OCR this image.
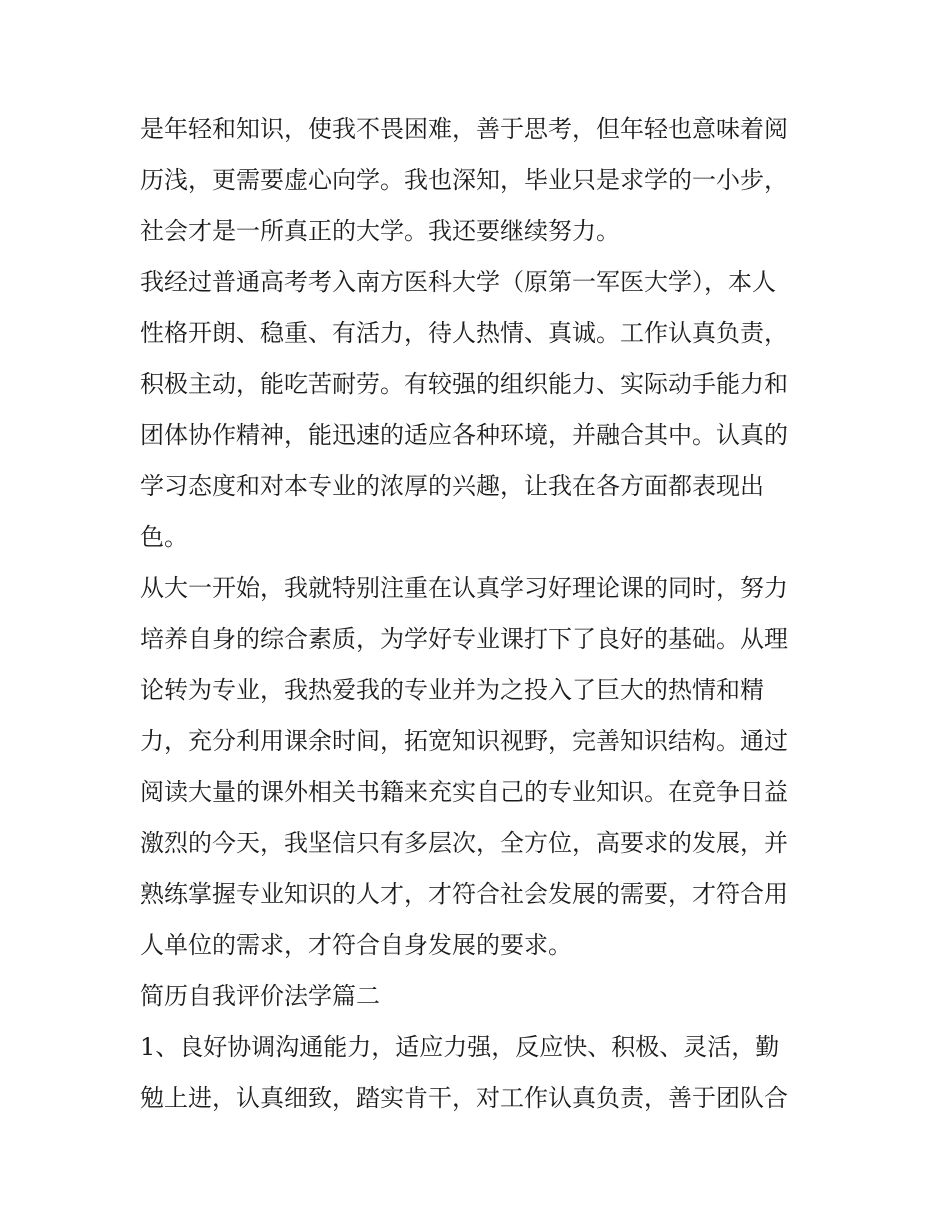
是年轻和知识，使我不畏困难，善于思考，但年轻也意味着阅
历浅，更需要虚心向学。我也深知，毕业只是求学的一小步，
社会才是一所真正的大学。我还要继续努力。
我经过普通高考考入南方医科大学（原第一军医大学），本人
性格开朗、稳重、有活力，待人热情、真诚。工作认真负责，
积极主动，能吃苦耐劳。有较强的组织能力、实际动手能力和
团体协作精神，能迅速的适应各种环境，并融合其中。认真的
学习态度和对本专业的浓厚的兴趣，让我在各方面都表现出
色。
从大一开始，我就特别注重在认真学习好理论课的同时，努力
培养自身的综合素质，为学好专业课打下了良好的基础。从理
论转为专业，我热爱我的专业并为之投入了巨大的热情和精
力，充分利用课余时间，拓宽知识视野，完善知识结构。通过
阅读大量的课外相关书籍来充实自己的专业知识。在竞争日益
激烈的今天，我坚信只有多层次，全方位，高要求的发展，并
熟练掌握专业知识的人才，才符合社会发展的需要，才符合用
人单位的需求，才符合自身发展的要求。
简历自我评价法学篇二
1、良好协调沟通能力，适应力强，反应快、积极、灵活，勤
勉上进，认真细致，踏实肯干，对工作认真负责，善于团队合
